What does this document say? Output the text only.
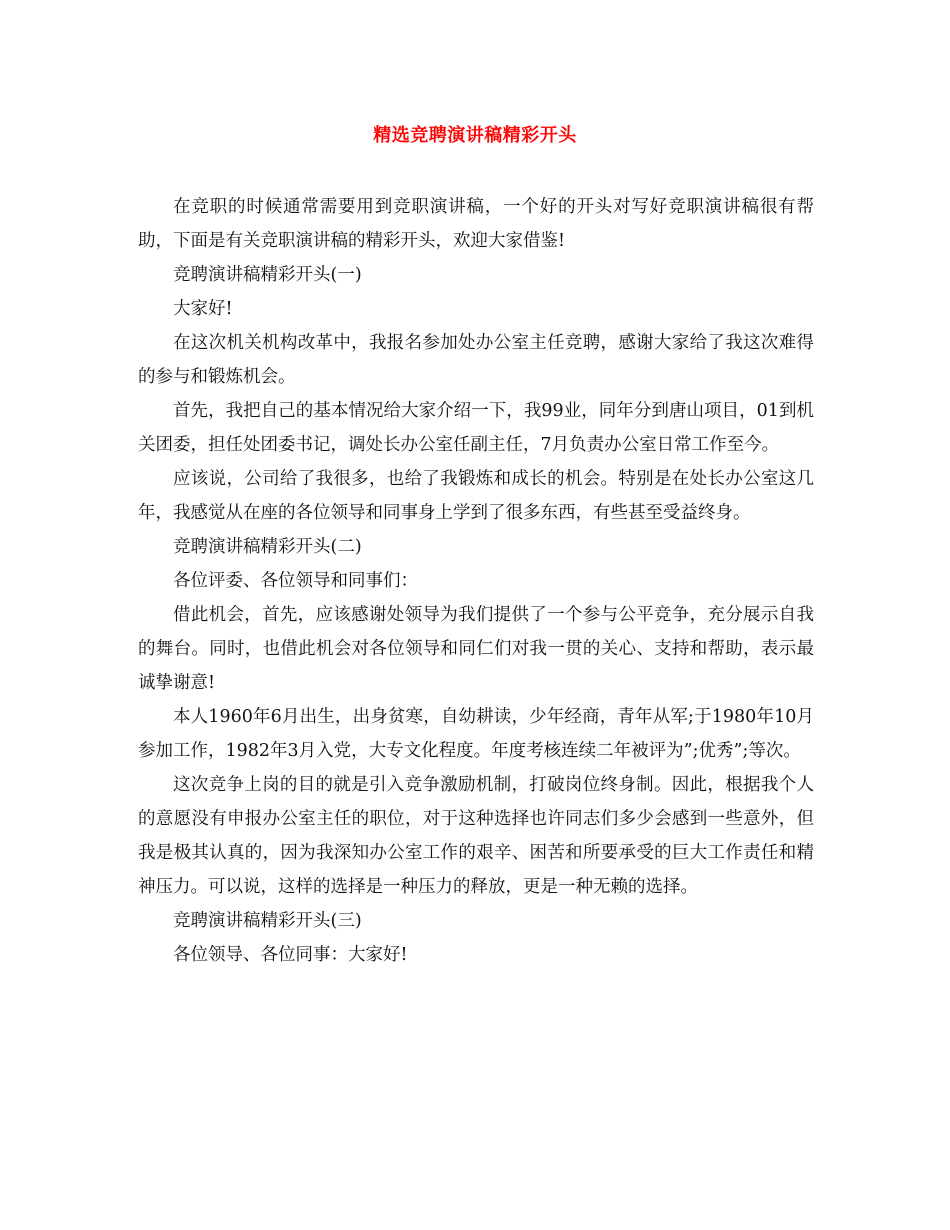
精选竞聘演讲稿精彩开头

在竞职的时候通常需要用到竞职演讲稿，一个好的开头对写好竞职演讲稿很有帮助，下面是有关竞职演讲稿的精彩开头，欢迎大家借鉴!

竞聘演讲稿精彩开头(一)

大家好!

在这次机关机构改革中，我报名参加处办公室主任竞聘，感谢大家给了我这次难得的参与和锻炼机会。

首先，我把自己的基本情况给大家介绍一下，我99业，同年分到唐山项目，01到机关团委，担任处团委书记，调处长办公室任副主任，7月负责办公室日常工作至今。

应该说，公司给了我很多，也给了我锻炼和成长的机会。特别是在处长办公室这几年，我感觉从在座的各位领导和同事身上学到了很多东西，有些甚至受益终身。

竞聘演讲稿精彩开头(二)

各位评委、各位领导和同事们：

借此机会，首先，应该感谢处领导为我们提供了一个参与公平竞争，充分展示自我的舞台。同时，也借此机会对各位领导和同仁们对我一贯的关心、支持和帮助，表示最诚挚谢意!

本人1960年6月出生，出身贫寒，自幼耕读，少年经商，青年从军;于1980年10月参加工作，1982年3月入党，大专文化程度。年度考核连续二年被评为”;优秀”;等次。

这次竞争上岗的目的就是引入竞争激励机制，打破岗位终身制。因此，根据我个人的意愿没有申报办公室主任的职位，对于这种选择也许同志们多少会感到一些意外，但我是极其认真的，因为我深知办公室工作的艰辛、困苦和所要承受的巨大工作责任和精神压力。可以说，这样的选择是一种压力的释放，更是一种无赖的选择。

竞聘演讲稿精彩开头(三)

各位领导、各位同事：大家好!
